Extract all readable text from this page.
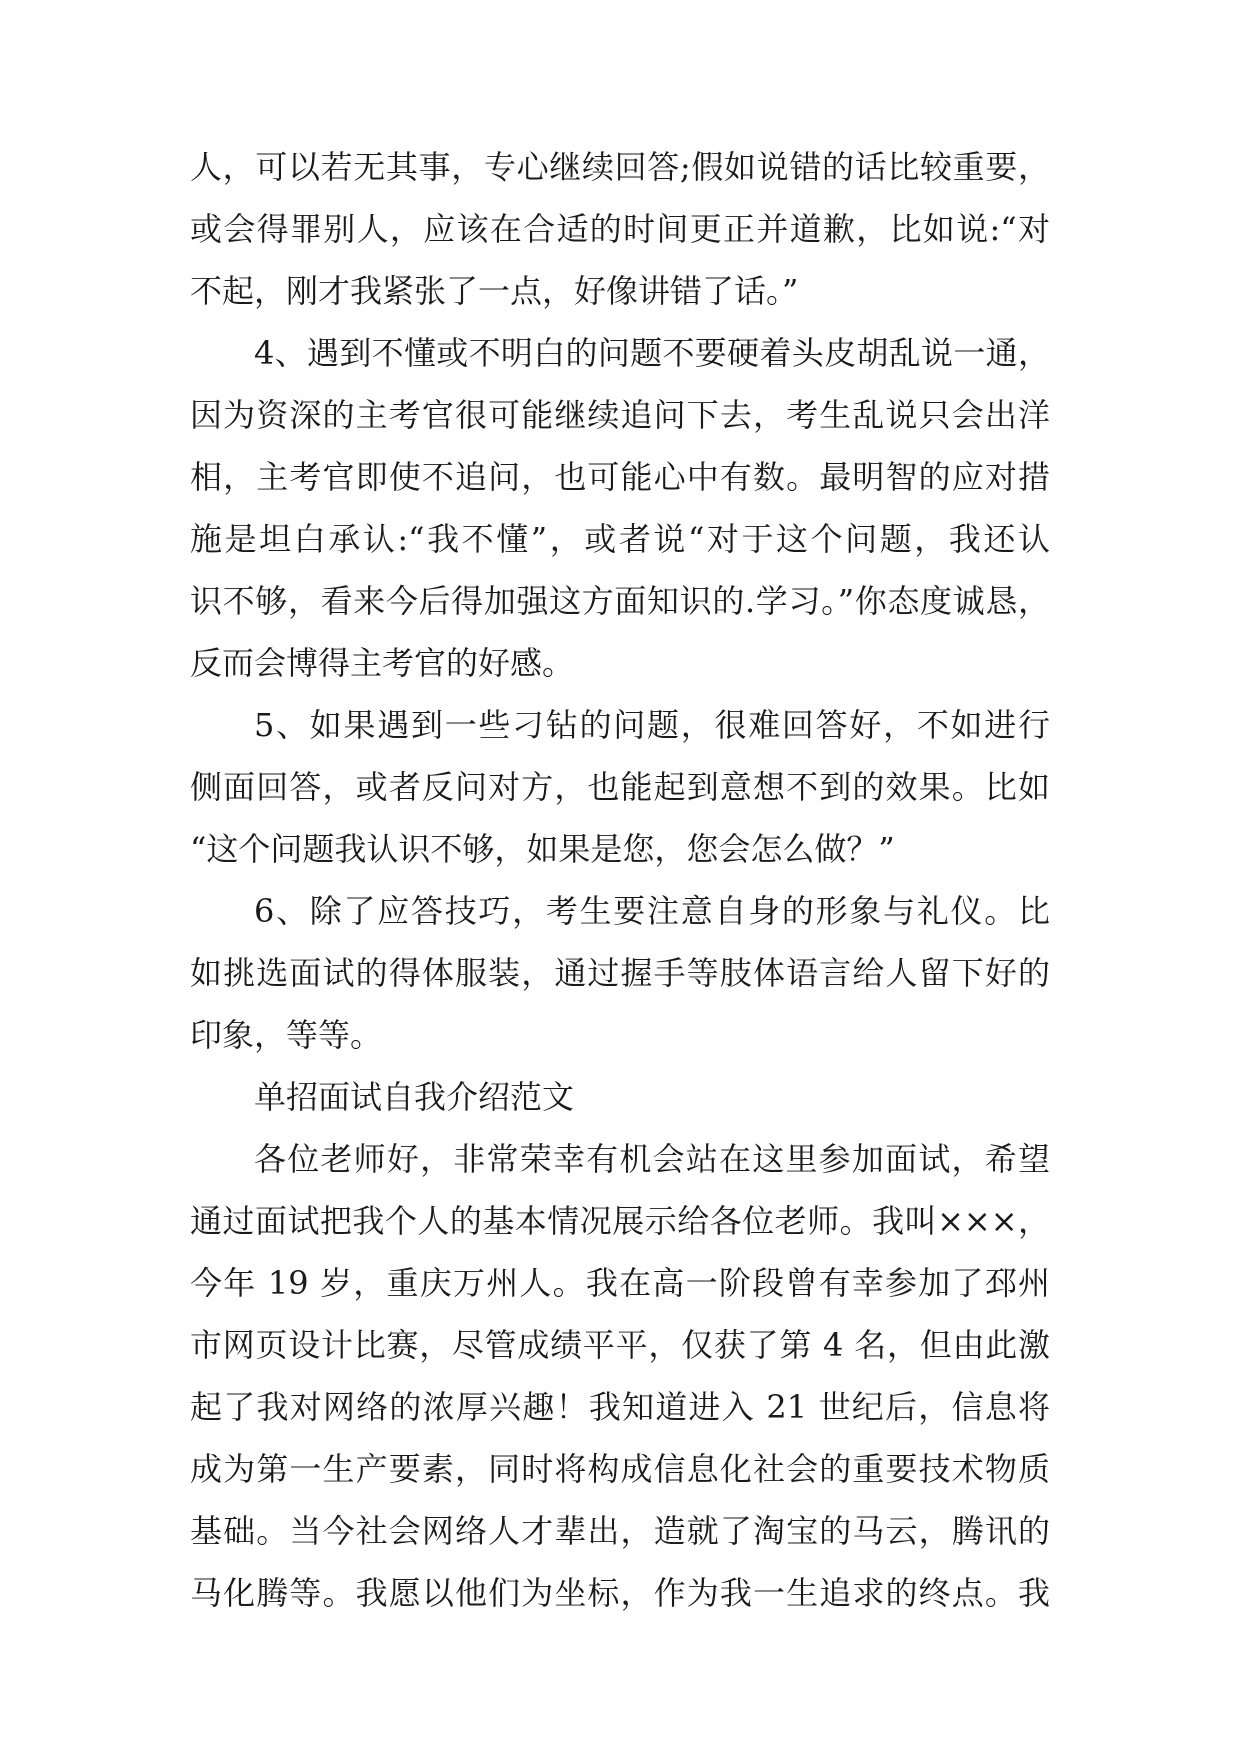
人，可以若无其事，专心继续回答;假如说错的话比较重要，
或会得罪别人，应该在合适的时间更正并道歉，比如说:“对
不起，刚才我紧张了一点，好像讲错了话。”
4、遇到不懂或不明白的问题不要硬着头皮胡乱说一通，
因为资深的主考官很可能继续追问下去，考生乱说只会出洋
相，主考官即使不追问，也可能心中有数。最明智的应对措
施是坦白承认:“我不懂”，或者说“对于这个问题，我还认
识不够，看来今后得加强这方面知识的.学习。”你态度诚恳，
反而会博得主考官的好感。
5、如果遇到一些刁钻的问题，很难回答好，不如进行
侧面回答，或者反问对方，也能起到意想不到的效果。比如
“这个问题我认识不够，如果是您，您会怎么做？”
6、除了应答技巧，考生要注意自身的形象与礼仪。比
如挑选面试的得体服装，通过握手等肢体语言给人留下好的
印象，等等。
单招面试自我介绍范文
各位老师好，非常荣幸有机会站在这里参加面试，希望
通过面试把我个人的基本情况展示给各位老师。我叫×××，
今年 19 岁，重庆万州人。我在高一阶段曾有幸参加了邳州
市网页设计比赛，尽管成绩平平，仅获了第 4 名，但由此激
起了我对网络的浓厚兴趣！我知道进入 21 世纪后，信息将
成为第一生产要素，同时将构成信息化社会的重要技术物质
基础。当今社会网络人才辈出，造就了淘宝的马云，腾讯的
马化腾等。我愿以他们为坐标，作为我一生追求的终点。我
